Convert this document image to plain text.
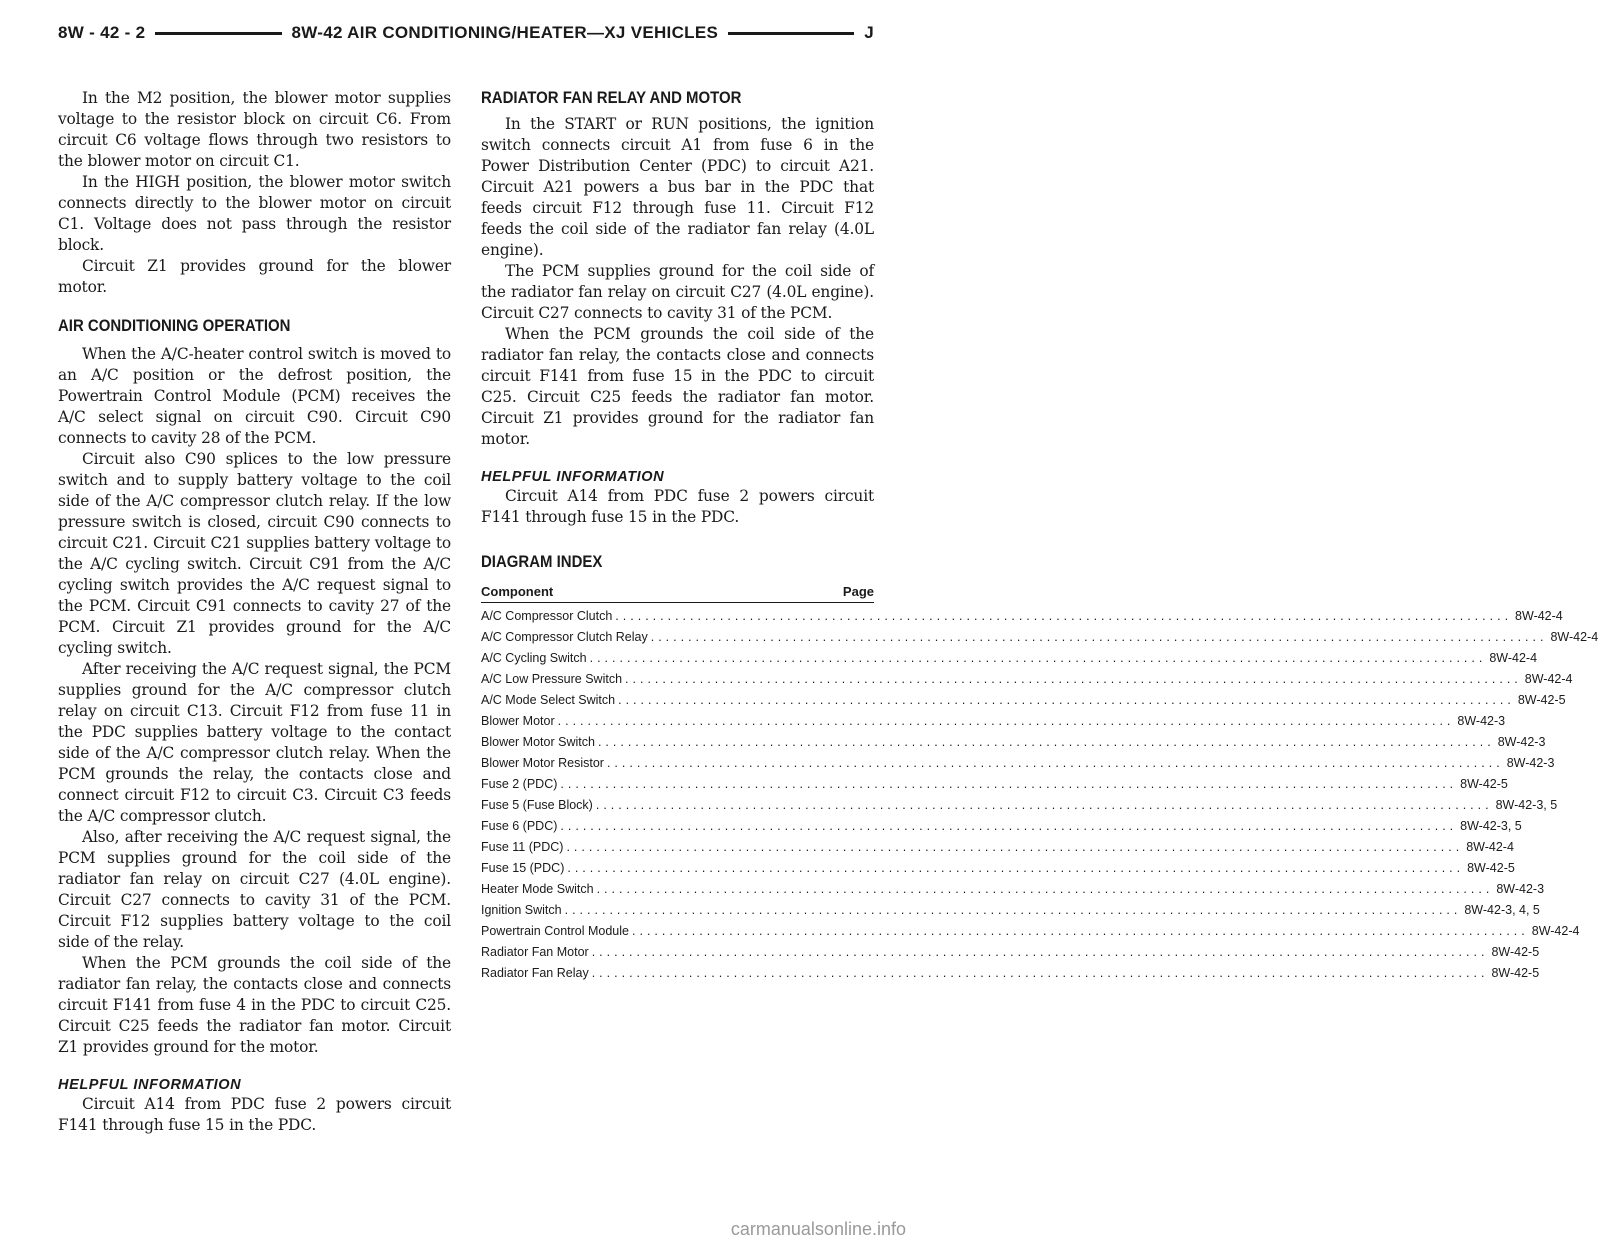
8W - 42 - 2	8W-42 AIR CONDITIONING/HEATER—XJ VEHICLES	J

In the M2 position, the blower motor supplies voltage to the resistor block on circuit C6. From circuit C6 voltage flows through two resistors to the blower motor on circuit C1.

In the HIGH position, the blower motor switch connects directly to the blower motor on circuit C1. Voltage does not pass through the resistor block.

Circuit Z1 provides ground for the blower motor.

AIR CONDITIONING OPERATION

When the A/C-heater control switch is moved to an A/C position or the defrost position, the Powertrain Control Module (PCM) receives the A/C select signal on circuit C90. Circuit C90 connects to cavity 28 of the PCM.

Circuit also C90 splices to the low pressure switch and to supply battery voltage to the coil side of the A/C compressor clutch relay. If the low pressure switch is closed, circuit C90 connects to circuit C21. Circuit C21 supplies battery voltage to the A/C cycling switch. Circuit C91 from the A/C cycling switch provides the A/C request signal to the PCM. Circuit C91 connects to cavity 27 of the PCM. Circuit Z1 provides ground for the A/C cycling switch.

After receiving the A/C request signal, the PCM supplies ground for the A/C compressor clutch relay on circuit C13. Circuit F12 from fuse 11 in the PDC supplies battery voltage to the contact side of the A/C compressor clutch relay. When the PCM grounds the relay, the contacts close and connect circuit F12 to circuit C3. Circuit C3 feeds the A/C compressor clutch.

Also, after receiving the A/C request signal, the PCM supplies ground for the coil side of the radiator fan relay on circuit C27 (4.0L engine). Circuit C27 connects to cavity 31 of the PCM. Circuit F12 supplies battery voltage to the coil side of the relay.

When the PCM grounds the coil side of the radiator fan relay, the contacts close and connects circuit F141 from fuse 4 in the PDC to circuit C25. Circuit C25 feeds the radiator fan motor. Circuit Z1 provides ground for the motor.

HELPFUL INFORMATION

Circuit A14 from PDC fuse 2 powers circuit F141 through fuse 15 in the PDC.

RADIATOR FAN RELAY AND MOTOR

In the START or RUN positions, the ignition switch connects circuit A1 from fuse 6 in the Power Distribution Center (PDC) to circuit A21. Circuit A21 powers a bus bar in the PDC that feeds circuit F12 through fuse 11. Circuit F12 feeds the coil side of the radiator fan relay (4.0L engine).

The PCM supplies ground for the coil side of the radiator fan relay on circuit C27 (4.0L engine). Circuit C27 connects to cavity 31 of the PCM.

When the PCM grounds the coil side of the radiator fan relay, the contacts close and connects circuit F141 from fuse 15 in the PDC to circuit C25. Circuit C25 feeds the radiator fan motor. Circuit Z1 provides ground for the radiator fan motor.

HELPFUL INFORMATION

Circuit A14 from PDC fuse 2 powers circuit F141 through fuse 15 in the PDC.

DIAGRAM INDEX
Component	Page
A/C Compressor Clutch ........................................................................................................................ 8W-42-4
A/C Compressor Clutch Relay ........................................................................................................................ 8W-42-4
A/C Cycling Switch ........................................................................................................................ 8W-42-4
A/C Low Pressure Switch ........................................................................................................................ 8W-42-4
A/C Mode Select Switch ........................................................................................................................ 8W-42-5
Blower Motor ........................................................................................................................ 8W-42-3
Blower Motor Switch ........................................................................................................................ 8W-42-3
Blower Motor Resistor ........................................................................................................................ 8W-42-3
Fuse 2 (PDC) ........................................................................................................................ 8W-42-5
Fuse 5 (Fuse Block) ........................................................................................................................ 8W-42-3, 5
Fuse 6 (PDC) ........................................................................................................................ 8W-42-3, 5
Fuse 11 (PDC) ........................................................................................................................ 8W-42-4
Fuse 15 (PDC) ........................................................................................................................ 8W-42-5
Heater Mode Switch ........................................................................................................................ 8W-42-3
Ignition Switch ........................................................................................................................ 8W-42-3, 4, 5
Powertrain Control Module ........................................................................................................................ 8W-42-4
Radiator Fan Motor ........................................................................................................................ 8W-42-5
Radiator Fan Relay ........................................................................................................................ 8W-42-5
carmanualsonline.info
